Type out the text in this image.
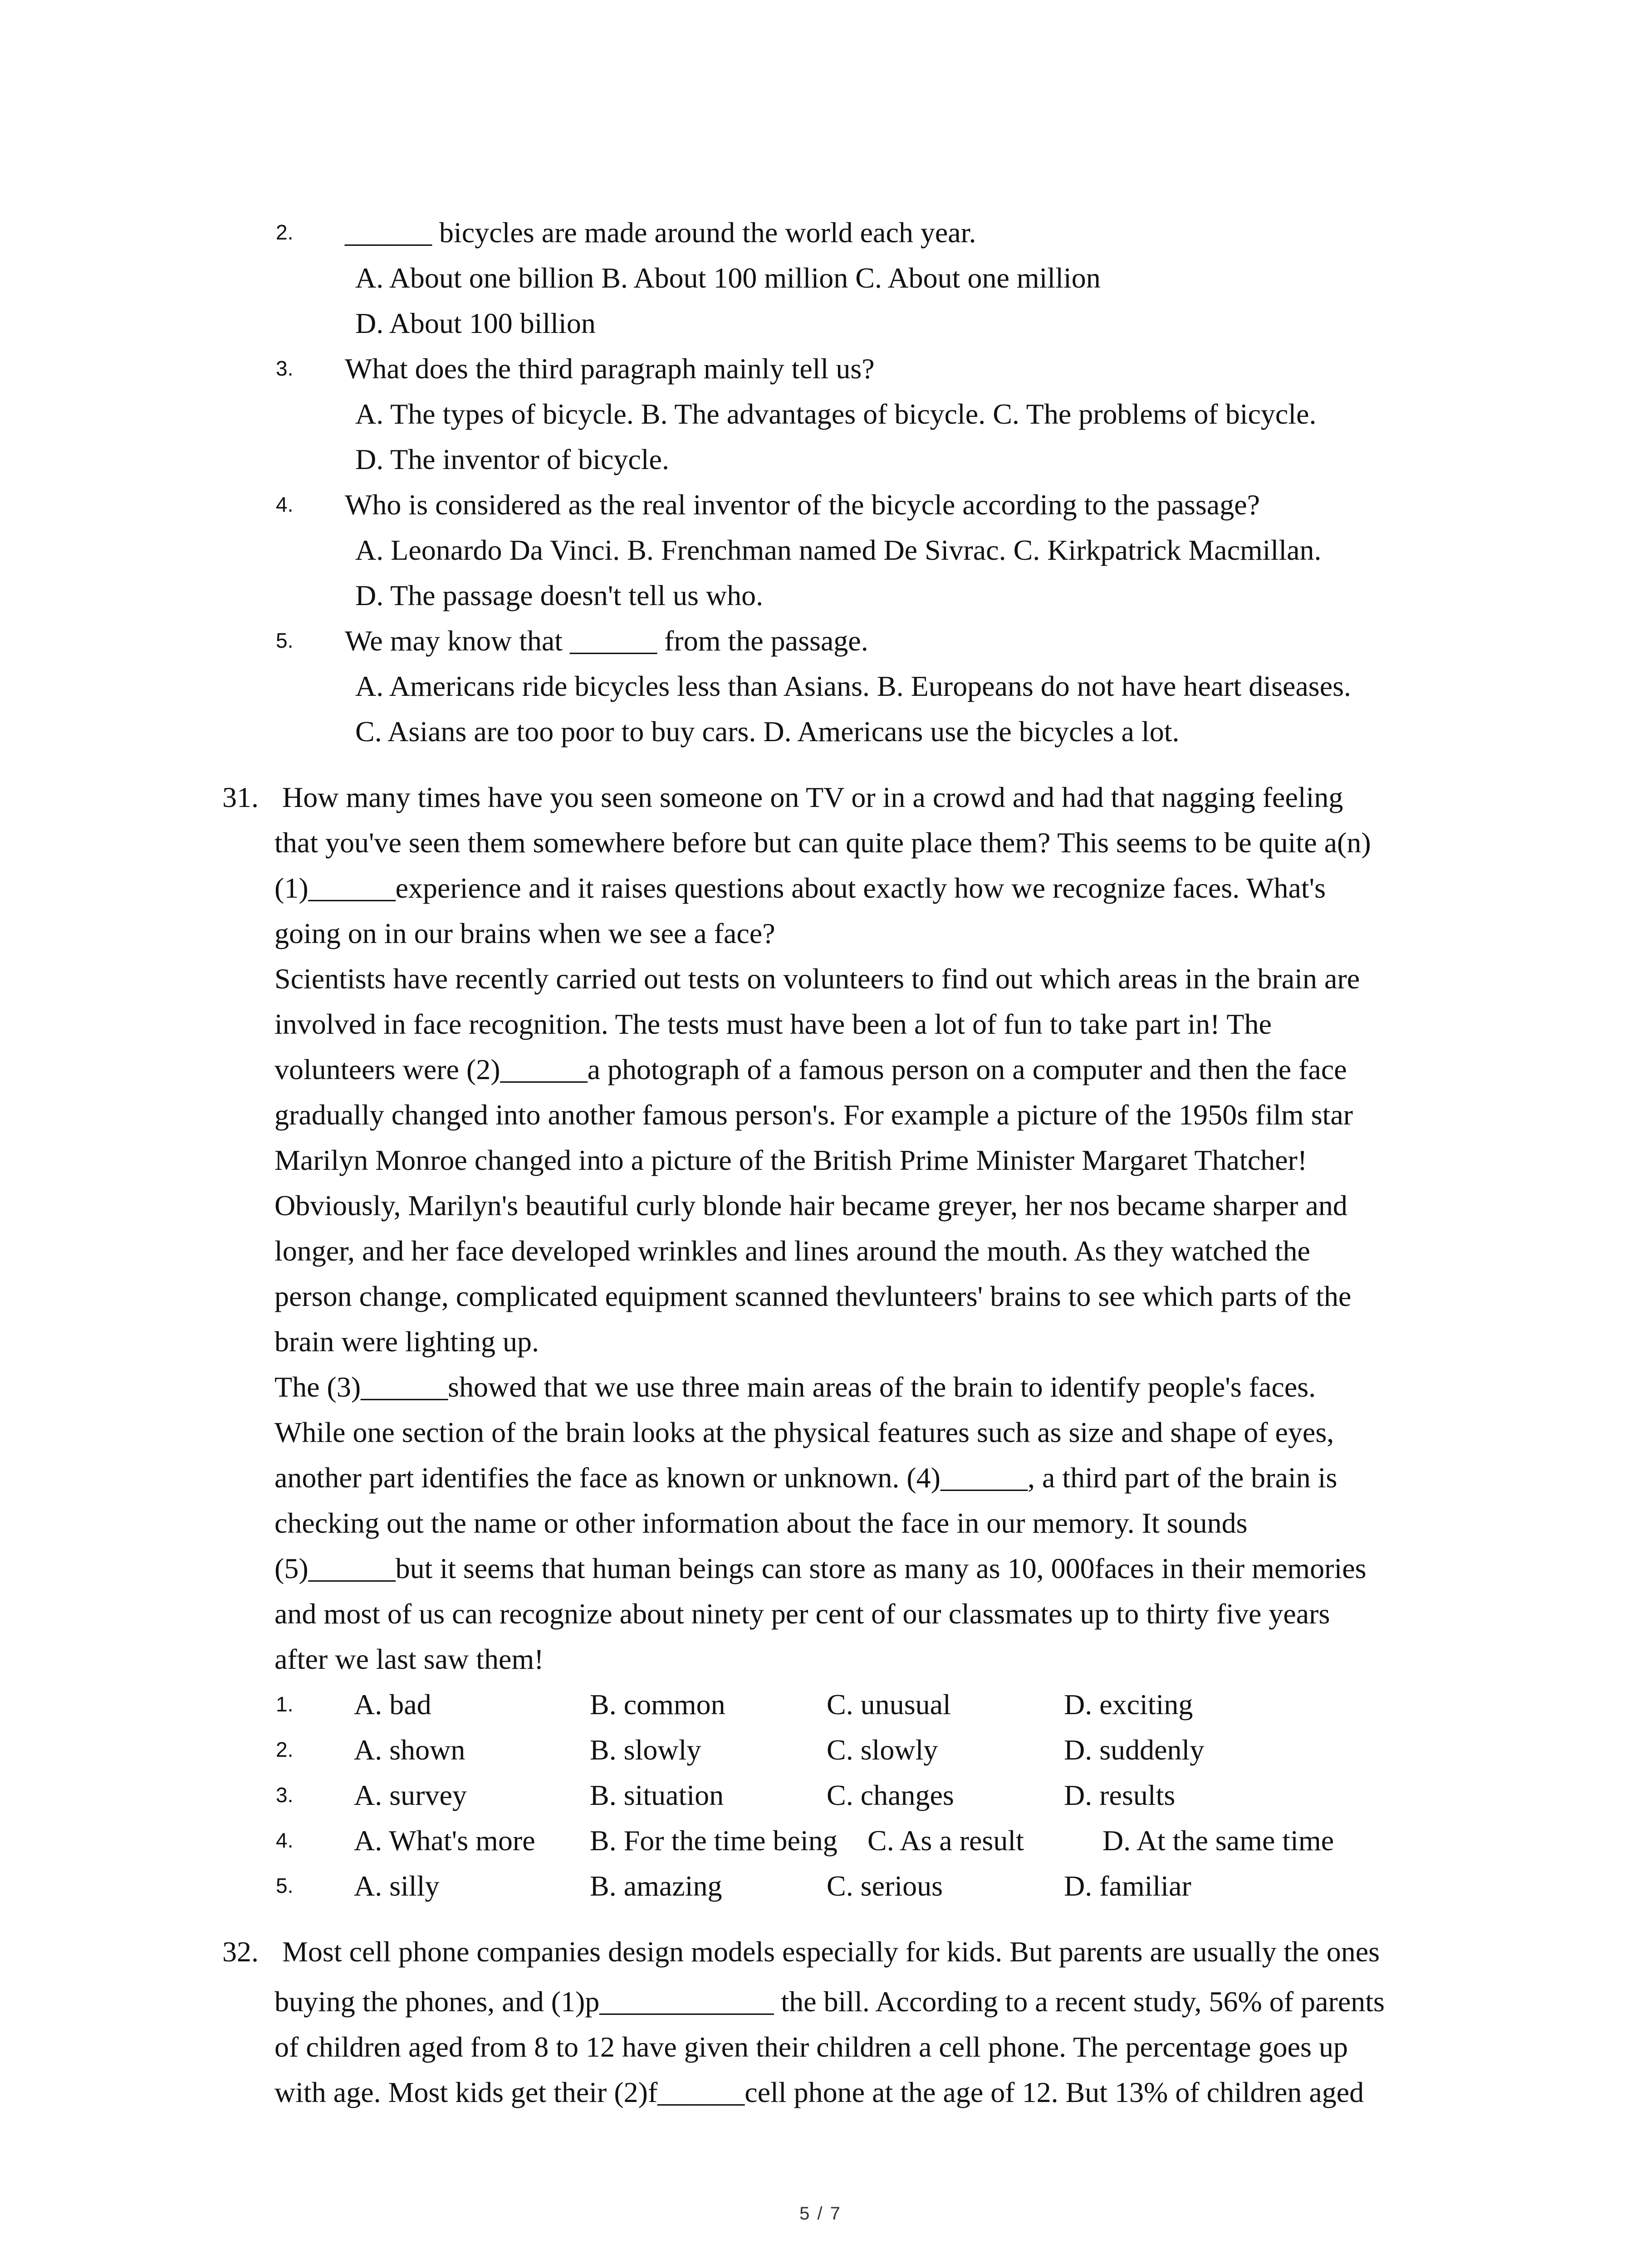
2. ______ bicycles are made around the world each year.
A. About one billion B. About 100 million C. About one million
D. About 100 billion
3. What does the third paragraph mainly tell us?
A. The types of bicycle. B. The advantages of bicycle. C. The problems of bicycle.
D. The inventor of bicycle.
4. Who is considered as the real inventor of the bicycle according to the passage?
A. Leonardo Da Vinci. B. Frenchman named De Sivrac. C. Kirkpatrick Macmillan.
D. The passage doesn't tell us who.
5. We may know that ______ from the passage.
A. Americans ride bicycles less than Asians. B. Europeans do not have heart diseases.
C. Asians are too poor to buy cars. D. Americans use the bicycles a lot.
31. How many times have you seen someone on TV or in a crowd and had that nagging feeling
that you've seen them somewhere before but can quite place them? This seems to be quite a(n)
(1)______experience and it raises questions about exactly how we recognize faces. What's
going on in our brains when we see a face?
Scientists have recently carried out tests on volunteers to find out which areas in the brain are
involved in face recognition. The tests must have been a lot of fun to take part in! The
volunteers were (2)______a photograph of a famous person on a computer and then the face
gradually changed into another famous person's. For example a picture of the 1950s film star
Marilyn Monroe changed into a picture of the British Prime Minister Margaret Thatcher!
Obviously, Marilyn's beautiful curly blonde hair became greyer, her nos became sharper and
longer, and her face developed wrinkles and lines around the mouth. As they watched the
person change, complicated equipment scanned thevlunteers' brains to see which parts of the
brain were lighting up.
The (3)______showed that we use three main areas of the brain to identify people's faces.
While one section of the brain looks at the physical features such as size and shape of eyes,
another part identifies the face as known or unknown. (4)______, a third part of the brain is
checking out the name or other information about the face in our memory. It sounds
(5)______but it seems that human beings can store as many as 10, 000faces in their memories
and most of us can recognize about ninety per cent of our classmates up to thirty five years
after we last saw them!
1. A. bad	B. common	C. unusual	D. exciting
2. A. shown	B. slowly	C. slowly	D. suddenly
3. A. survey	B. situation	C. changes	D. results
4. A. What's more B. For the time being C. As a result	D. At the same time
5. A. silly	B. amazing	C. serious	D. familiar
32. Most cell phone companies design models especially for kids. But parents are usually the ones
buying the phones, and (1)p____________ the bill. According to a recent study, 56% of parents
of children aged from 8 to 12 have given their children a cell phone. The percentage goes up
with age. Most kids get their (2)f______cell phone at the age of 12. But 13% of children aged
5 / 7
